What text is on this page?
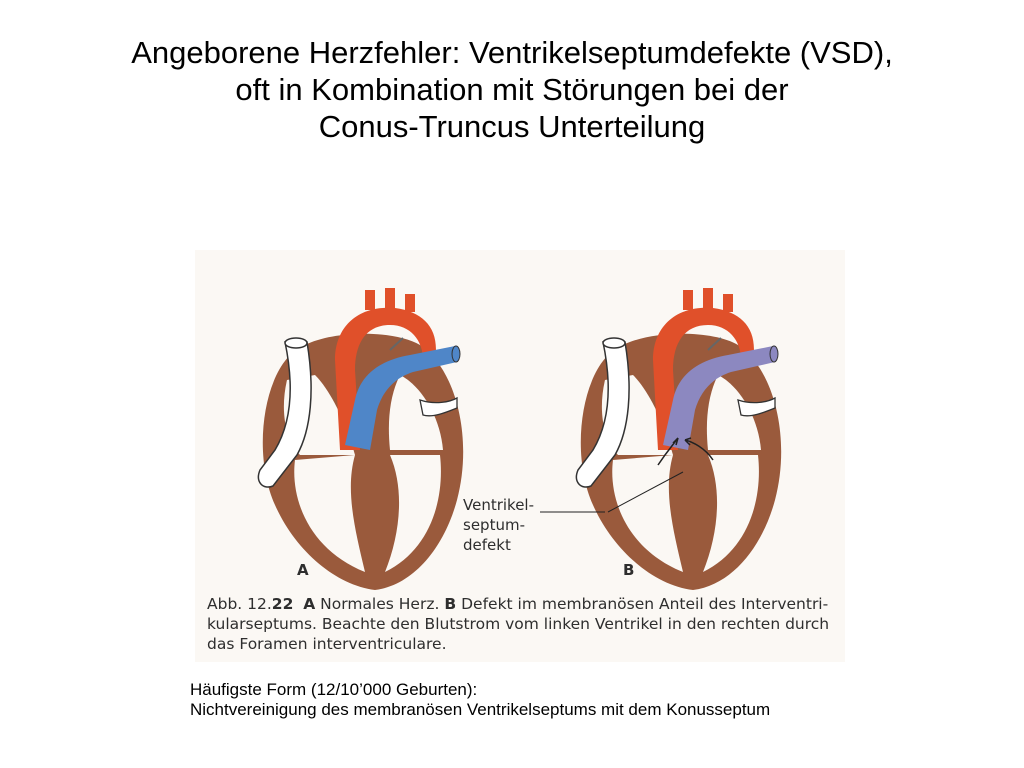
Angeborene Herzfehler: Ventrikelseptumdefekte (VSD),
oft in Kombination mit Störungen bei der
Conus-Truncus Unterteilung
Ventrikel-
septum-
defekt
A	B
Abb. 12.22 A Normales Herz. B Defekt im membranösen Anteil des Interventri-kularseptums. Beachte den Blutstrom vom linken Ventrikel in den rechten durch das Foramen interventriculare.
Häufigste Form (12/10’000 Geburten):
Nichtvereinigung des membranösen Ventrikelseptums mit dem Konusseptum
